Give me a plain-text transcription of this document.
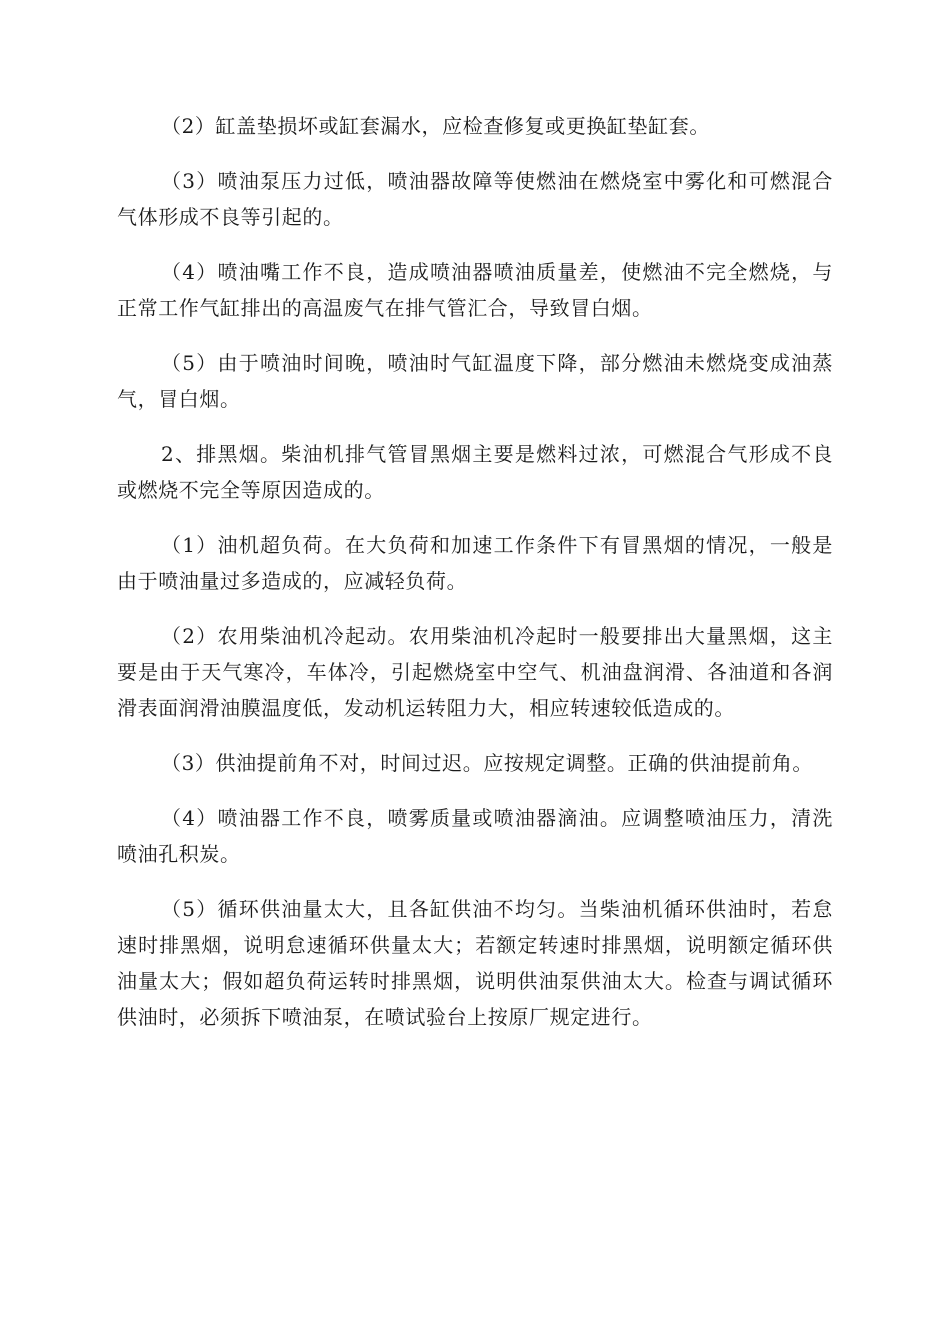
（2）缸盖垫损坏或缸套漏水，应检查修复或更换缸垫缸套。

（3）喷油泵压力过低，喷油器故障等使燃油在燃烧室中雾化和可燃混合气体形成不良等引起的。

（4）喷油嘴工作不良，造成喷油器喷油质量差，使燃油不完全燃烧，与正常工作气缸排出的高温废气在排气管汇合，导致冒白烟。

（5）由于喷油时间晚，喷油时气缸温度下降，部分燃油未燃烧变成油蒸气，冒白烟。

2、排黑烟。柴油机排气管冒黑烟主要是燃料过浓，可燃混合气形成不良或燃烧不完全等原因造成的。

（1）油机超负荷。在大负荷和加速工作条件下有冒黑烟的情况，一般是由于喷油量过多造成的，应减轻负荷。

（2）农用柴油机冷起动。农用柴油机冷起时一般要排出大量黑烟，这主要是由于天气寒冷，车体冷，引起燃烧室中空气、机油盘润滑、各油道和各润滑表面润滑油膜温度低，发动机运转阻力大，相应转速较低造成的。

（3）供油提前角不对，时间过迟。应按规定调整。正确的供油提前角。

（4）喷油器工作不良，喷雾质量或喷油器滴油。应调整喷油压力，清洗喷油孔积炭。

（5）循环供油量太大，且各缸供油不均匀。当柴油机循环供油时，若怠速时排黑烟，说明怠速循环供量太大；若额定转速时排黑烟，说明额定循环供油量太大；假如超负荷运转时排黑烟，说明供油泵供油太大。检查与调试循环供油时，必须拆下喷油泵，在喷试验台上按原厂规定进行。
